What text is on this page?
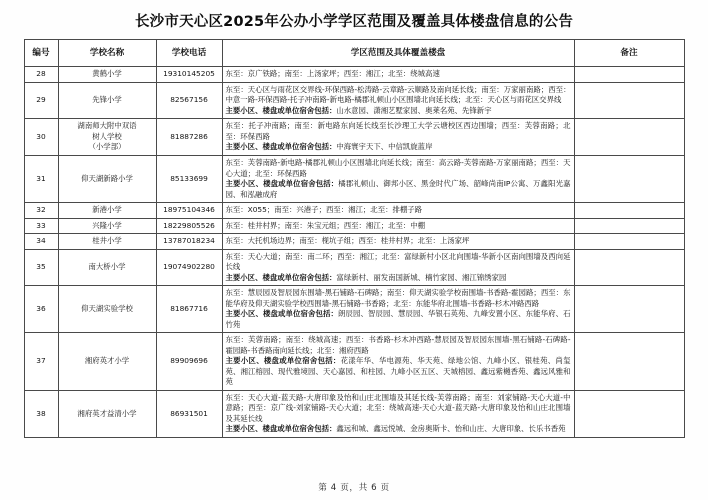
长沙市天心区2025年公办小学学区范围及覆盖具体楼盘信息的公告
编号	学校名称	学校电话	学区范围及具体覆盖楼盘	备注
28	黄鹤小学	19310145205	东至：京广铁路；南至：上汤家坪；西至：湘江；北至：绕城高速	

29	先锋小学	82567156	东至：天心区与雨花区交界线-环保西路-松涛路-云章路-云顺路及南向延长线；南至：万家丽南路；西至：中意一路-环保西路-托子冲南路-新电路-橘郡礼顿山小区围墙北向延长线；北至：天心区与雨花区交界线
主要小区、楼盘或单位宿舍包括：山水意园、潇湘艺墅家园、奥莱名苑、先锋新宇	

30	湖南师大附中双语
树人学校
（小学部）	81887286	东至：托子冲南路；南至：新电路东向延长线至长沙理工大学云塘校区西边围墙；西至：芙蓉南路；北至：环保西路
主要小区、楼盘或单位宿舍包括：中海寰宇天下、中信凯旋蓝岸	

31	仰天湖新路小学	85133699	东至：芙蓉南路-新电路-橘郡礼顿山小区围墙北向延长线；南至：高云路-芙蓉南路-万家丽南路；西至：天心大道；北至：环保西路
主要小区、楼盘或单位宿舍包括：橘郡礼顿山、御邦小区、黑金时代广场、韶峰尚南IP公寓、万鑫阳光嘉园、和泓融成府	

32	新港小学	18975104346	东至：X055；南至：兴港子；西至：湘江；北至：排棚子路	

33	兴隆小学	18229805526	东至：桂井村界；南至：朱宝元组；西至：湘江；北至：中棚	

34	桂井小学	13787018234	东至：大托机场边界；南至：枧坑子组；西至：桂井村界；北至：上汤家坪	

35	南大桥小学	19074902280	东至：天心大道；南至：南二环；西至：湘江；北至：富绿新村小区北向围墙-华新小区南向围墙及西向延长线
主要小区、楼盘或单位宿舍包括：富绿新村、丽发南国新城、楠竹家园、湘江锦绣家园	

36	仰天湖实验学校	81867716	东至：慧辰园及智辰园东围墙-黑石铺路-石碑路；南至：仰天湖实验学校南围墙-书香路-霍园路；西至：东能华府及仰天湖实验学校西围墙-黑石铺路-书香路；北至：东能华府北围墙-书香路-杉木冲路西路
主要小区、楼盘或单位宿舍包括：朗辰园、智辰园、慧辰园、华银石英苑、九峰安置小区、东能华府、石竹苑	

37	湘府英才小学	89909696	东至：芙蓉南路；南至：绕城高速；西至：书香路-杉木冲西路-慧辰园及智辰园东围墙-黑石铺路-石碑路-霍园路-书香路南向延长线；北至：湘府西路
主要小区、楼盘或单位宿舍包括：花漾年华、华电源苑、华天苑、绿地公馆、九峰小区、银桂苑、尚玺苑、湘江榕园、现代雅境园、天心嘉园、和柱园、九峰小区五区、天城榕园、鑫远紫樾香苑、鑫远风雅和苑	

38	湘府英才益清小学	86931501	东至：天心大道-蓝天路-大唐印象及怡和山庄北围墙及其延长线-芙蓉南路；南至：刘家铺路-天心大道-中意路；西至：京广线-刘家铺路-天心大道；北至：绕城高速-天心大道-蓝天路-大唐印象及怡和山庄北围墙及其延长线
主要小区、楼盘或单位宿舍包括：鑫远和城、鑫远悦城、金房奥斯卡、怡和山庄、大唐印象、长乐书香苑	

第 4 页，共 6 页
